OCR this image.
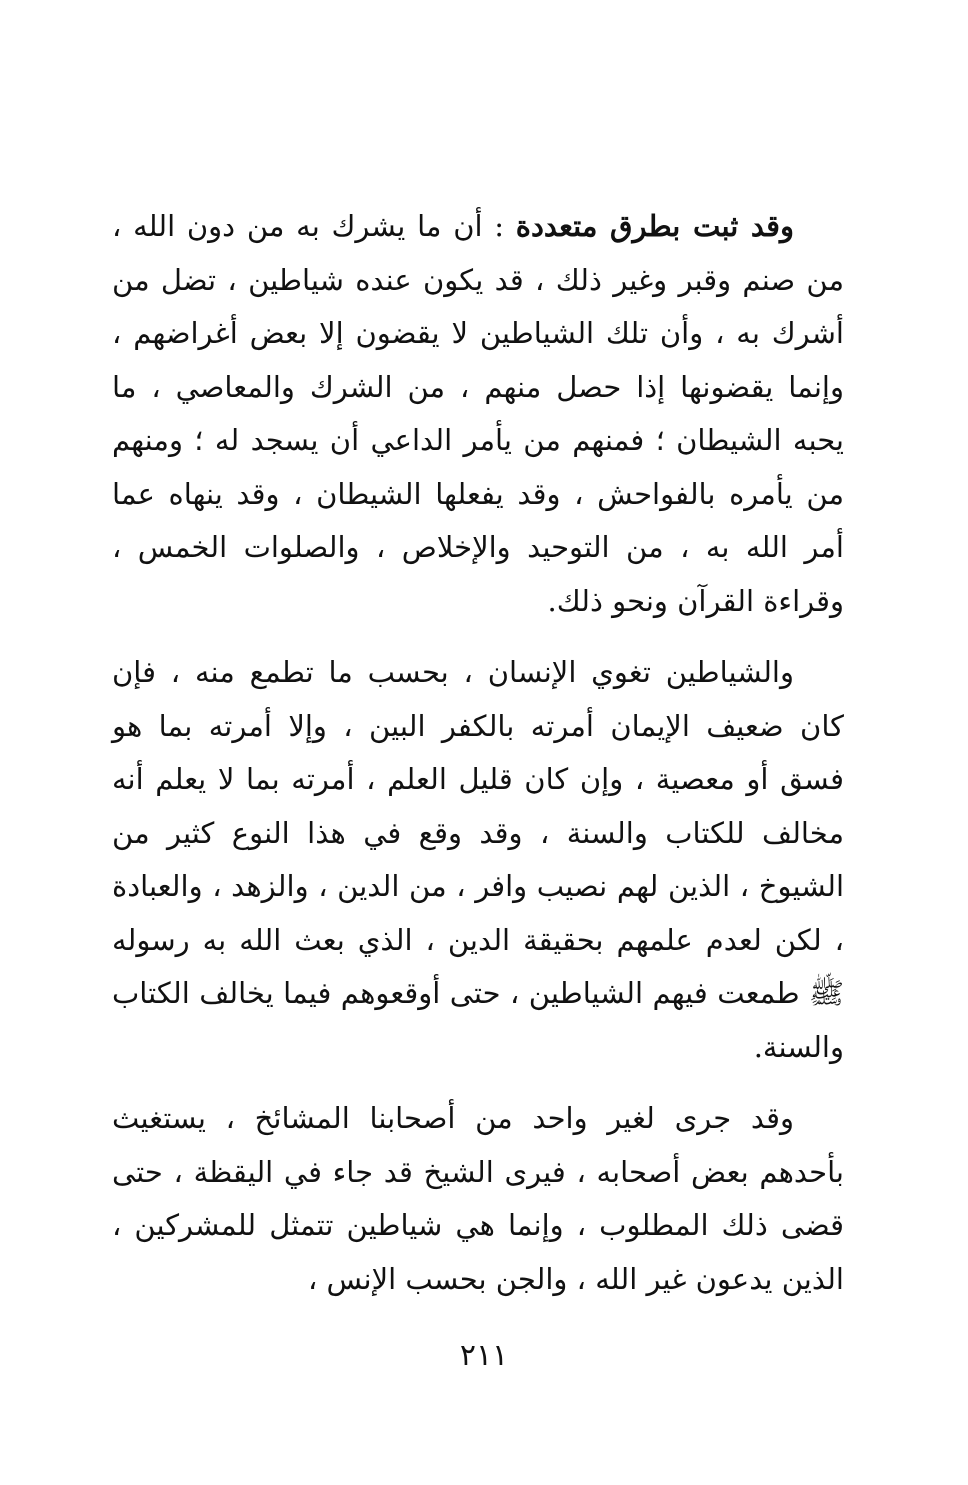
وقد ثبت بطرق متعددة : أن ما يشرك به من دون الله ، من صنم وقبر وغير ذلك ، قد يكون عنده شياطين ، تضل من أشرك به ، وأن تلك الشياطين لا يقضون إلا بعض أغراضهم ، وإنما يقضونها إذا حصل منهم ، من الشرك والمعاصي ، ما يحبه الشيطان ؛ فمنهم من يأمر الداعي أن يسجد له ؛ ومنهم من يأمره بالفواحش ، وقد يفعلها الشيطان ، وقد ينهاه عما أمر الله به ، من التوحيد والإخلاص ، والصلوات الخمس ، وقراءة القرآن ونحو ذلك.

والشياطين تغوي الإنسان ، بحسب ما تطمع منه ، فإن كان ضعيف الإيمان أمرته بالكفر البين ، وإلا أمرته بما هو فسق أو معصية ، وإن كان قليل العلم ، أمرته بما لا يعلم أنه مخالف للكتاب والسنة ، وقد وقع في هذا النوع كثير من الشيوخ ، الذين لهم نصيب وافر ، من الدين ، والزهد ، والعبادة ، لكن لعدم علمهم بحقيقة الدين ، الذي بعث الله به رسوله ﷺ طمعت فيهم الشياطين ، حتى أوقعوهم فيما يخالف الكتاب والسنة.

وقد جرى لغير واحد من أصحابنا المشائخ ، يستغيث بأحدهم بعض أصحابه ، فيرى الشيخ قد جاء في اليقظة ، حتى قضى ذلك المطلوب ، وإنما هي شياطين تتمثل للمشركين ، الذين يدعون غير الله ، والجن بحسب الإنس ،

٢١١
